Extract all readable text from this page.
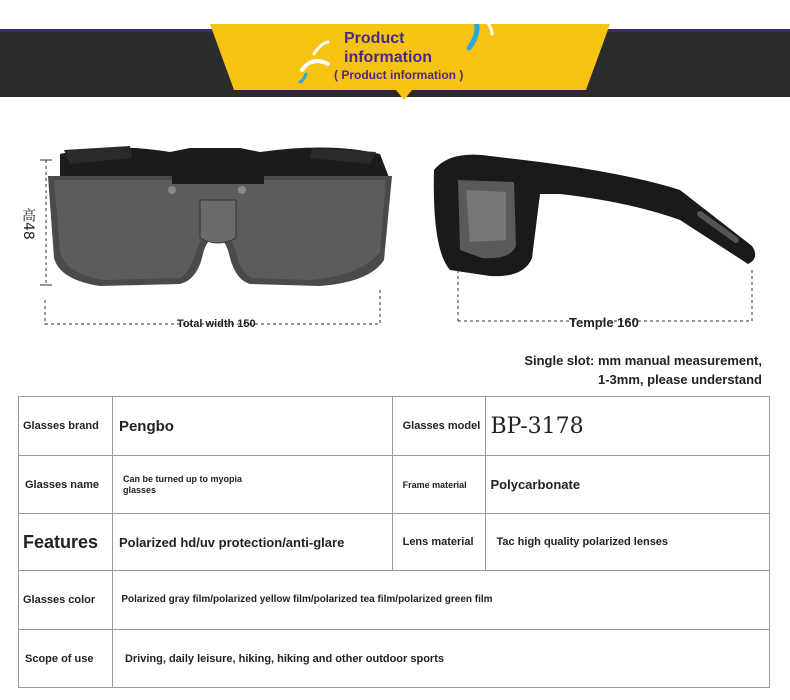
Product information
( Product information )
高48
Total width 150	Temple 160
Single slot: mm manual measurement,
1-3mm, please understand
Glasses brand	Pengbo	Glasses model	BP-3178
Glasses name	Can be turned up to myopia glasses	Frame material	Polycarbonate
Features	Polarized hd/uv protection/anti-glare	Lens material	Tac high quality polarized lenses
Glasses color	Polarized gray film/polarized yellow film/polarized tea film/polarized green film		

Scope of use	Driving, daily leisure, hiking, hiking and other outdoor sports		
